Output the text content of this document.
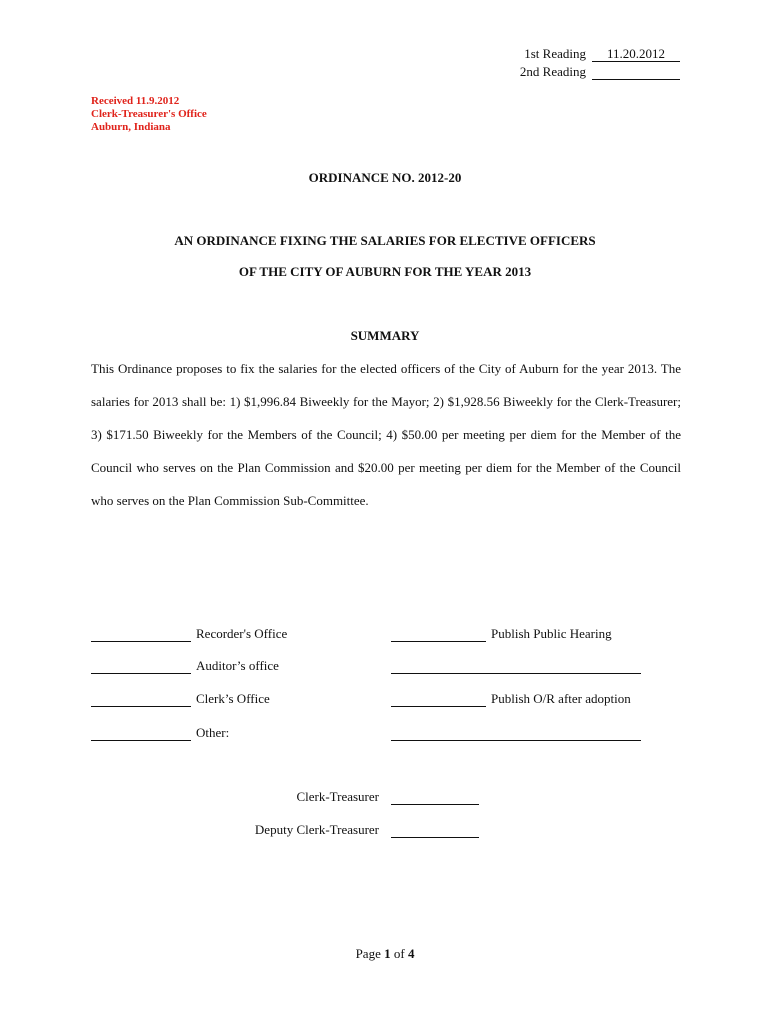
1st Reading	11.20.2012
2nd Reading
Received 11.9.2012
Clerk-Treasurer's Office
Auburn, Indiana
ORDINANCE NO. 2012-20
AN ORDINANCE FIXING THE SALARIES FOR ELECTIVE OFFICERS
OF THE CITY OF AUBURN FOR THE YEAR 2013
SUMMARY
This Ordinance proposes to fix the salaries for the elected officers of the City of Auburn for the year 2013. The salaries for 2013 shall be: 1) $1,996.84 Biweekly for the Mayor; 2) $1,928.56 Biweekly for the Clerk-Treasurer; 3) $171.50 Biweekly for the Members of the Council; 4) $50.00 per meeting per diem for the Member of the Council who serves on the Plan Commission and $20.00 per meeting per diem for the Member of the Council who serves on the Plan Commission Sub-Committee.
Recorder's Office
Auditor’s office
Clerk’s Office
Other:
Publish Public Hearing
Publish O/R after adoption
Clerk-Treasurer
Deputy Clerk-Treasurer
Page 1 of 4
